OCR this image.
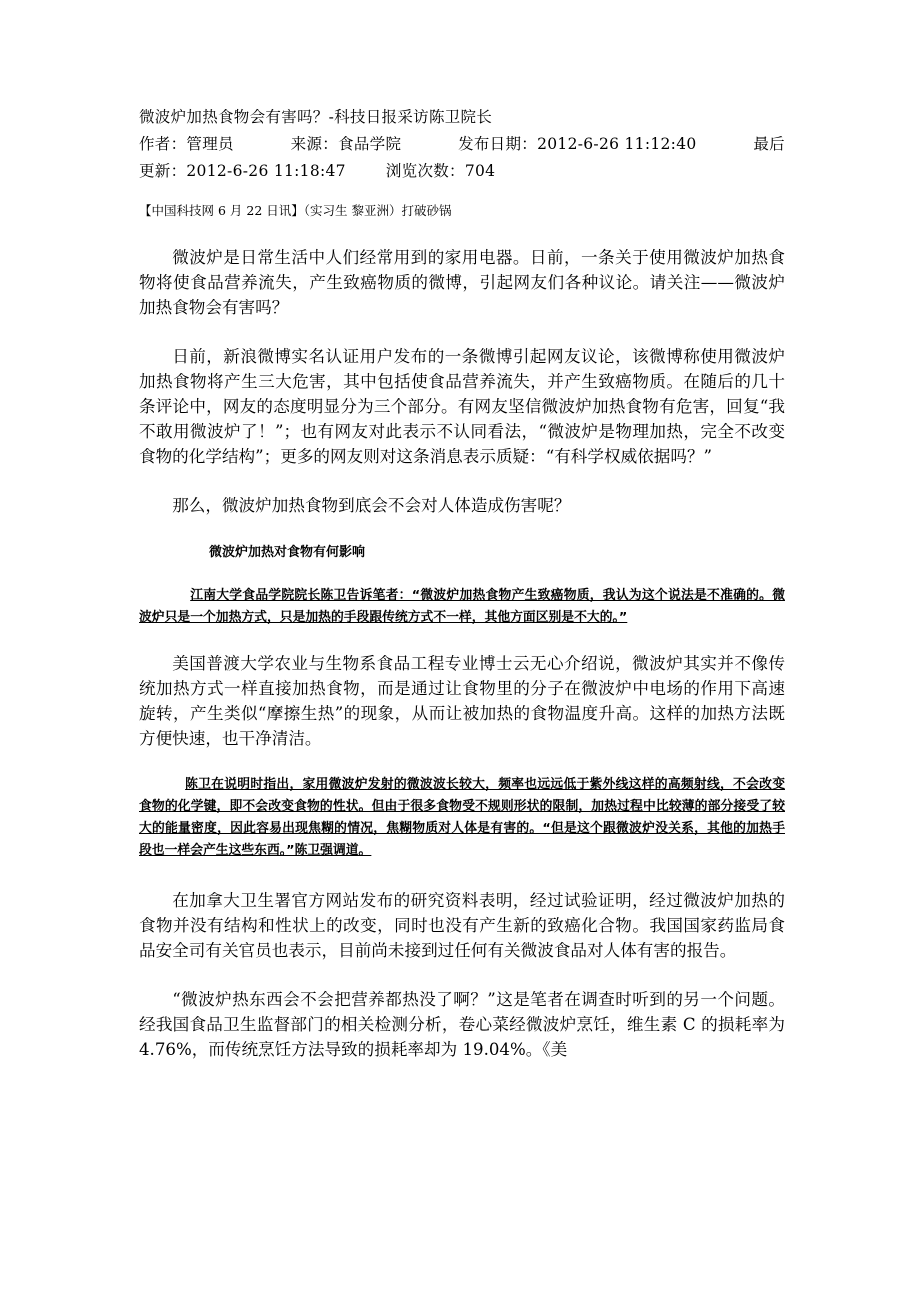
微波炉加热食物会有害吗？-科技日报采访陈卫院长
作者：管理员	来源：食品学院	发布日期：2012-6-26 11:12:40	最后
更新：2012-6-26 11:18:47	浏览次数：704
【中国科技网 6 月 22 日讯】（实习生 黎亚洲）打破砂锅

微波炉是日常生活中人们经常用到的家用电器。日前，一条关于使用微波炉加热食物将使食品营养流失，产生致癌物质的微博，引起网友们各种议论。请关注——微波炉加热食物会有害吗？

日前，新浪微博实名认证用户发布的一条微博引起网友议论，该微博称使用微波炉加热食物将产生三大危害，其中包括使食品营养流失，并产生致癌物质。在随后的几十条评论中，网友的态度明显分为三个部分。有网友坚信微波炉加热食物有危害，回复“我不敢用微波炉了！”；也有网友对此表示不认同看法，“微波炉是物理加热，完全不改变食物的化学结构”；更多的网友则对这条消息表示质疑：“有科学权威依据吗？”

那么，微波炉加热食物到底会不会对人体造成伤害呢？

微波炉加热对食物有何影响

江南大学食品学院院长陈卫告诉笔者：“微波炉加热食物产生致癌物质，我认为这个说法是不准确的。微波炉只是一个加热方式，只是加热的手段跟传统方式不一样，其他方面区别是不大的。”

美国普渡大学农业与生物系食品工程专业博士云无心介绍说，微波炉其实并不像传统加热方式一样直接加热食物，而是通过让食物里的分子在微波炉中电场的作用下高速旋转，产生类似“摩擦生热”的现象，从而让被加热的食物温度升高。这样的加热方法既方便快速，也干净清洁。

陈卫在说明时指出，家用微波炉发射的微波波长较大，频率也远远低于紫外线这样的高频射线，不会改变食物的化学键，即不会改变食物的性状。但由于很多食物受不规则形状的限制，加热过程中比较薄的部分接受了较大的能量密度，因此容易出现焦糊的情况，焦糊物质对人体是有害的。“但是这个跟微波炉没关系，其他的加热手段也一样会产生这些东西。”陈卫强调道。

在加拿大卫生署官方网站发布的研究资料表明，经过试验证明，经过微波炉加热的食物并没有结构和性状上的改变，同时也没有产生新的致癌化合物。我国国家药监局食品安全司有关官员也表示，目前尚未接到过任何有关微波食品对人体有害的报告。

“微波炉热东西会不会把营养都热没了啊？”这是笔者在调查时听到的另一个问题。经我国食品卫生监督部门的相关检测分析，卷心菜经微波炉烹饪，维生素 C 的损耗率为 4.76%，而传统烹饪方法导致的损耗率却为 19.04%。《美
